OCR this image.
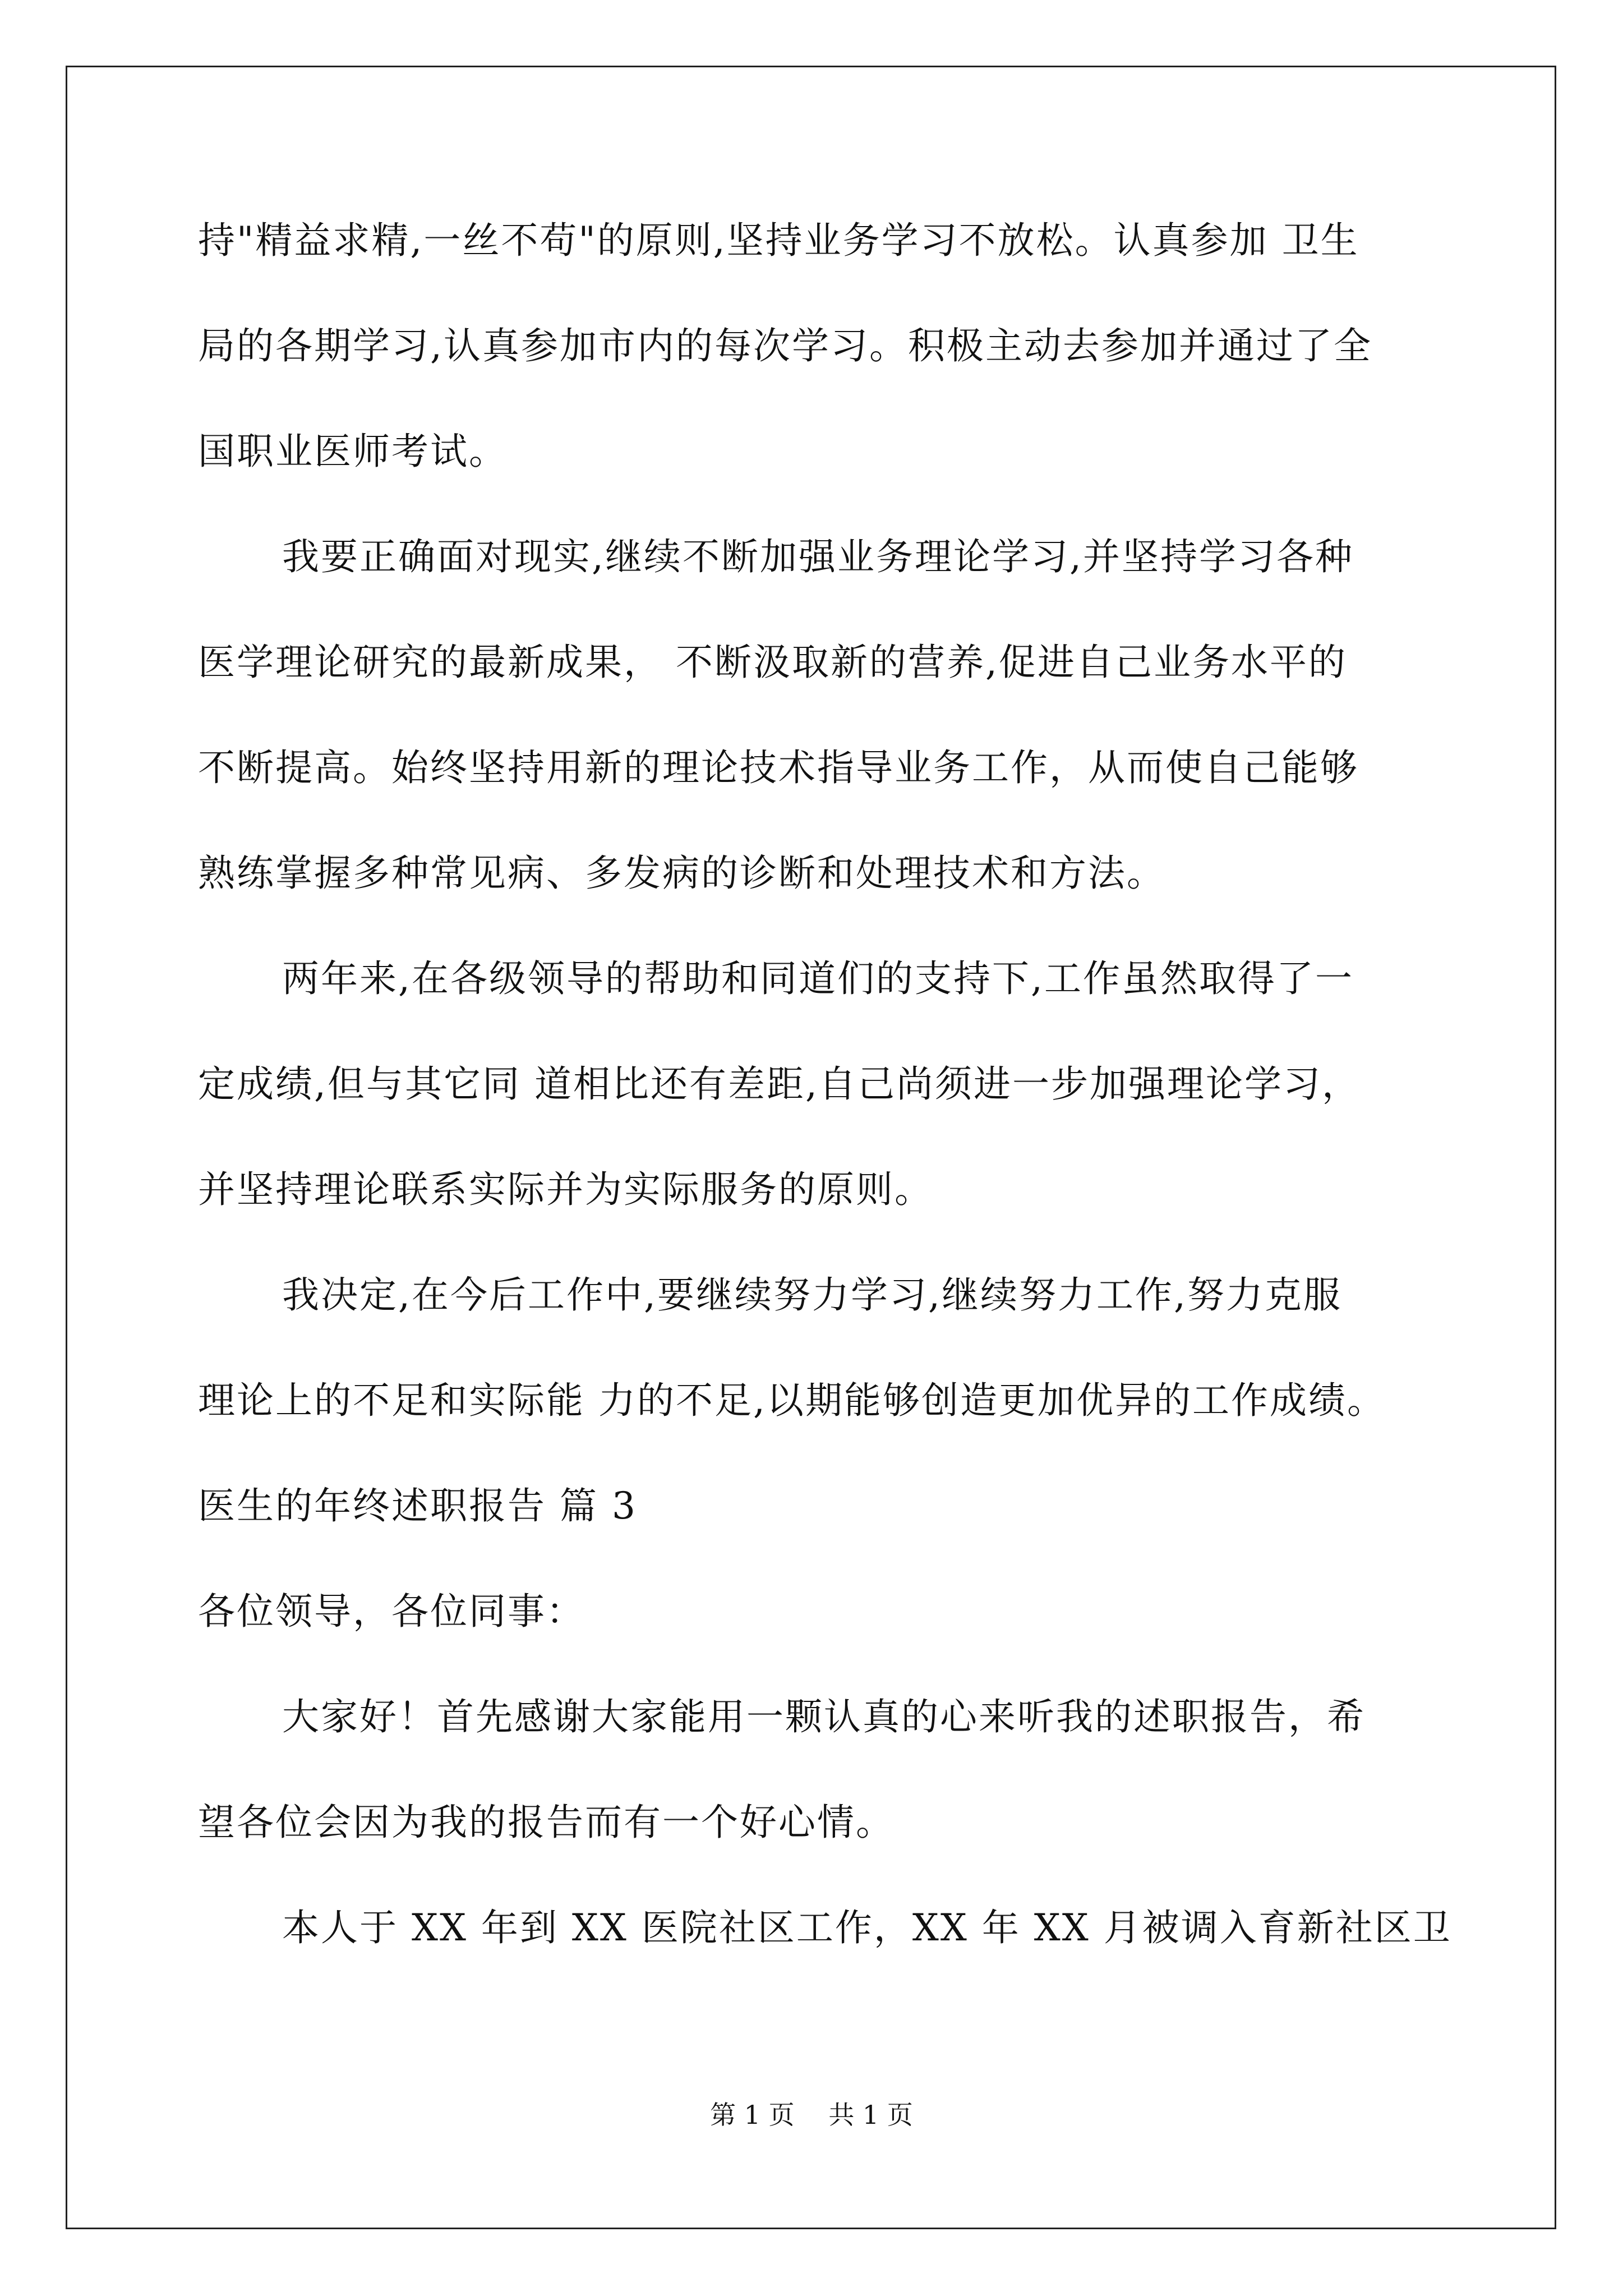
持"精益求精,一丝不苟"的原则,坚持业务学习不放松。认真参加 卫生
局的各期学习,认真参加市内的每次学习。积极主动去参加并通过了全
国职业医师考试。
我要正确面对现实,继续不断加强业务理论学习,并坚持学习各种
医学理论研究的最新成果， 不断汲取新的营养,促进自己业务水平的
不断提高。始终坚持用新的理论技术指导业务工作，从而使自己能够
熟练掌握多种常见病、多发病的诊断和处理技术和方法。
两年来,在各级领导的帮助和同道们的支持下,工作虽然取得了一
定成绩,但与其它同 道相比还有差距,自己尚须进一步加强理论学习，
并坚持理论联系实际并为实际服务的原则。
我决定,在今后工作中,要继续努力学习,继续努力工作,努力克服
理论上的不足和实际能 力的不足,以期能够创造更加优异的工作成绩。
医生的年终述职报告 篇 3
各位领导，各位同事：
大家好！首先感谢大家能用一颗认真的心来听我的述职报告，希
望各位会因为我的报告而有一个好心情。
本人于 XX 年到 XX 医院社区工作，XX 年 XX 月被调入育新社区卫
第 1 页 共 1 页
